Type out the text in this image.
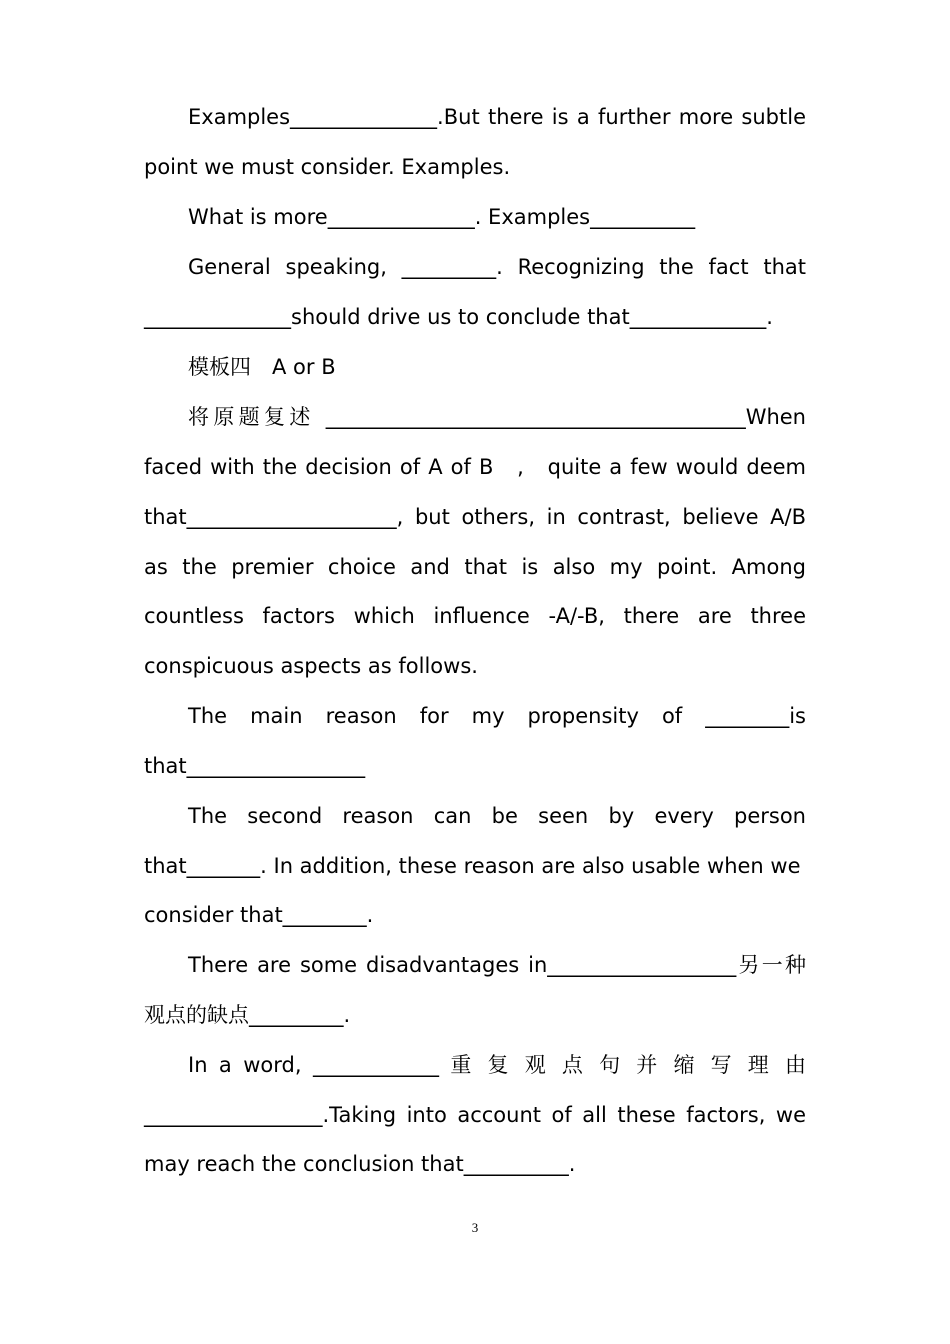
Examples______________.But there is a further more subtle
point we must consider. Examples.
What is more______________. Examples__________
General speaking, _________. Recognizing the fact that
______________should drive us to conclude that_____________.
模板四　A or B
将原题复述 ________________________________________When
faced with the decision of A of B　,　quite a few would deem
that____________________, but others, in contrast, believe A/B
as the premier choice and that is also my point. Among
countless factors which influence -A/-B, there are three
conspicuous aspects as follows.
The main reason for my propensity of ________is
that_________________
The second reason can be seen by every person
that_______. In addition, these reason are also usable when we
consider that________.
There are some disadvantages in__________________另一种
观点的缺点_________.
In a word, ____________ 重 复 观 点 句 并 缩 写 理 由
_________________.Taking into account of all these factors, we
may reach the conclusion that__________.
3
